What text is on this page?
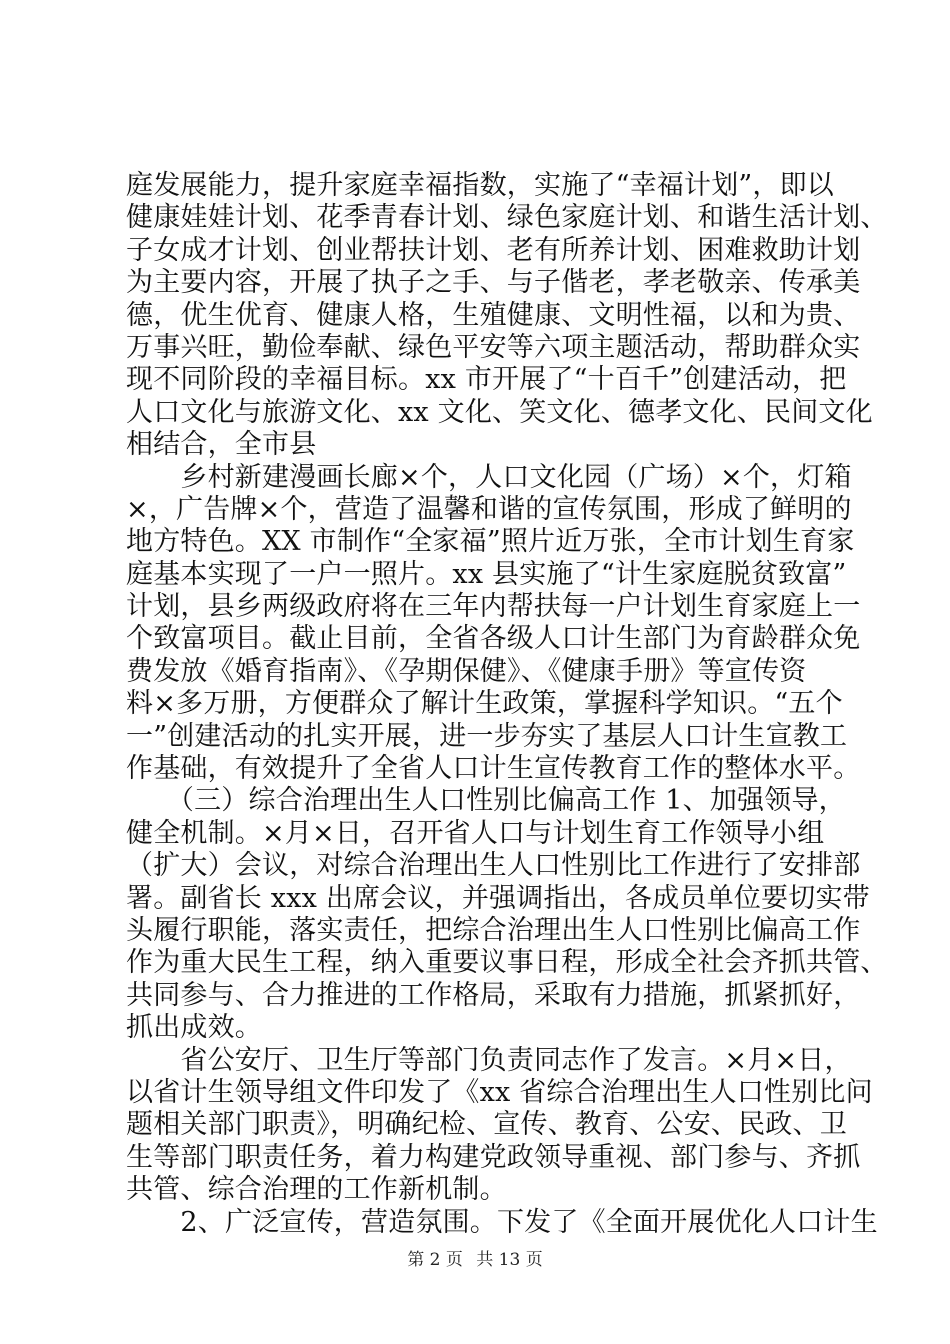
庭发展能力，提升家庭幸福指数，实施了“幸福计划”，即以
健康娃娃计划、花季青春计划、绿色家庭计划、和谐生活计划、
子女成才计划、创业帮扶计划、老有所养计划、困难救助计划
为主要内容，开展了执子之手、与子偕老，孝老敬亲、传承美
德，优生优育、健康人格，生殖健康、文明性福，以和为贵、
万事兴旺，勤俭奉献、绿色平安等六项主题活动，帮助群众实
现不同阶段的幸福目标。xx 市开展了“十百千”创建活动，把
人口文化与旅游文化、xx 文化、笑文化、德孝文化、民间文化
相结合，全市县
　　乡村新建漫画长廊×个，人口文化园（广场）×个，灯箱
×，广告牌×个，营造了温馨和谐的宣传氛围，形成了鲜明的
地方特色。XX 市制作“全家福”照片近万张，全市计划生育家
庭基本实现了一户一照片。xx 县实施了“计生家庭脱贫致富”
计划，县乡两级政府将在三年内帮扶每一户计划生育家庭上一
个致富项目。截止目前，全省各级人口计生部门为育龄群众免
费发放《婚育指南》、《孕期保健》、《健康手册》等宣传资
料×多万册，方便群众了解计生政策，掌握科学知识。“五个
一”创建活动的扎实开展，进一步夯实了基层人口计生宣教工
作基础，有效提升了全省人口计生宣传教育工作的整体水平。
　　（三）综合治理出生人口性别比偏高工作 1、加强领导，
健全机制。×月×日，召开省人口与计划生育工作领导小组
（扩大）会议，对综合治理出生人口性别比工作进行了安排部
署。副省长 xxx 出席会议，并强调指出，各成员单位要切实带
头履行职能，落实责任，把综合治理出生人口性别比偏高工作
作为重大民生工程，纳入重要议事日程，形成全社会齐抓共管、
共同参与、合力推进的工作格局，采取有力措施，抓紧抓好，
抓出成效。
　　省公安厅、卫生厅等部门负责同志作了发言。×月×日，
以省计生领导组文件印发了《xx 省综合治理出生人口性别比问
题相关部门职责》，明确纪检、宣传、教育、公安、民政、卫
生等部门职责任务，着力构建党政领导重视、部门参与、齐抓
共管、综合治理的工作新机制。
　　2、广泛宣传，营造氛围。下发了《全面开展优化人口计生
第 2 页 共 13 页
